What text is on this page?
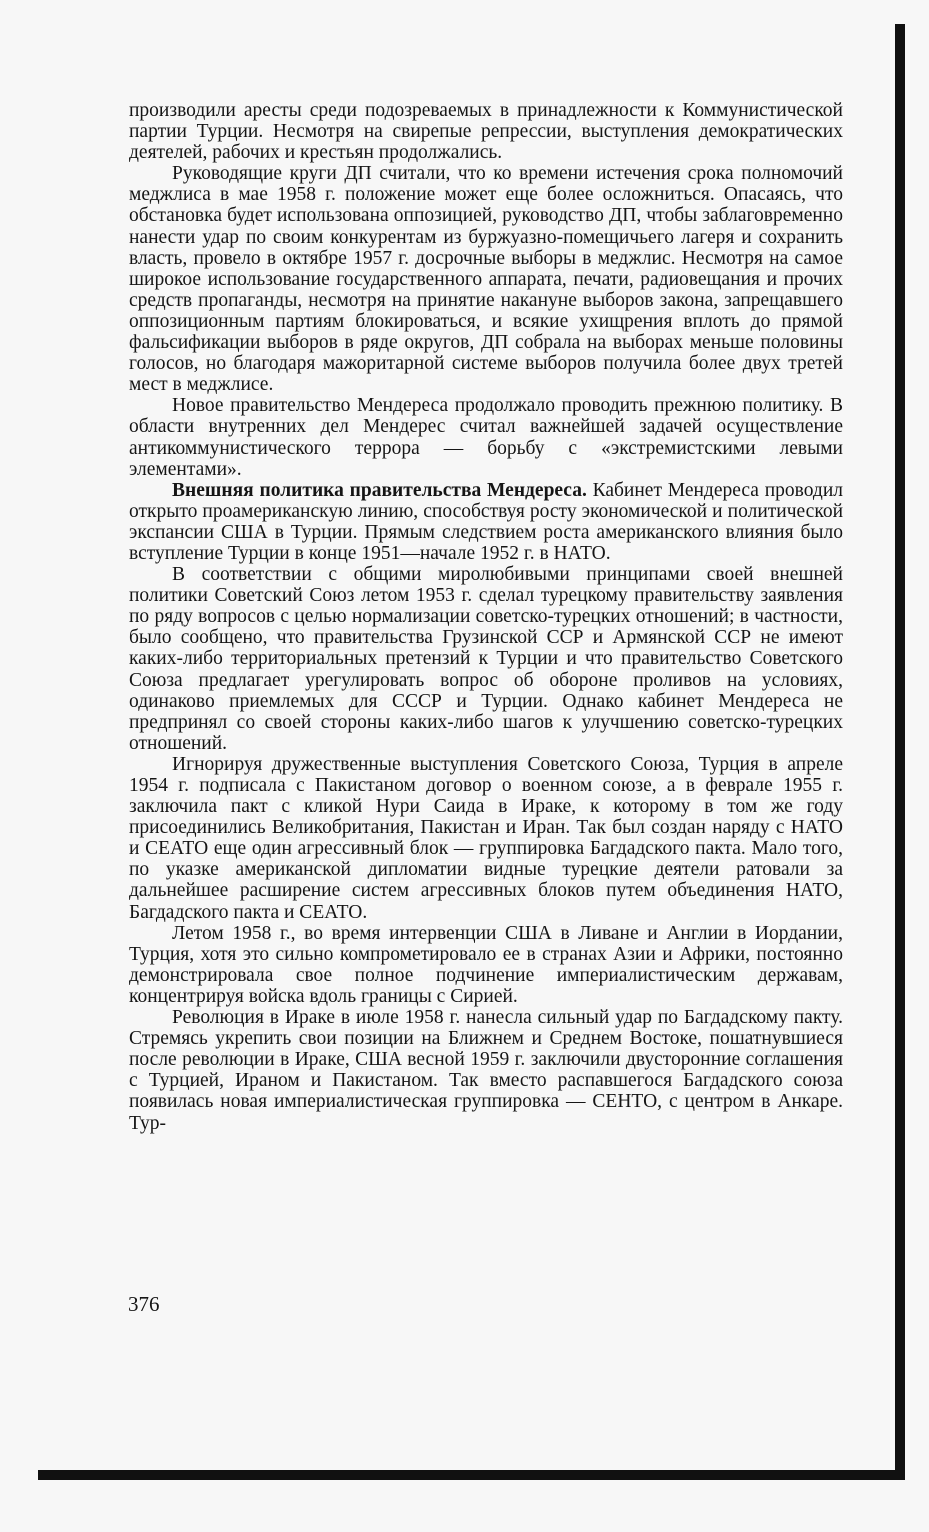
производили аресты среди подозреваемых в принадлежности к Коммунистической партии Турции. Несмотря на свирепые репрессии, выступления демократических деятелей, рабочих и крестьян продолжались.

Руководящие круги ДП считали, что ко времени истечения срока полномочий меджлиса в мае 1958 г. положение может еще более осложниться. Опасаясь, что обстановка будет использована оппозицией, руководство ДП, чтобы заблаговременно нанести удар по своим конкурентам из буржуазно-помещичьего лагеря и сохранить власть, провело в октябре 1957 г. досрочные выборы в меджлис. Несмотря на самое широкое использование государственного аппарата, печати, радиовещания и прочих средств пропаганды, несмотря на принятие накануне выборов закона, запрещавшего оппозиционным партиям блокироваться, и всякие ухищрения вплоть до прямой фальсификации выборов в ряде округов, ДП собрала на выборах меньше половины голосов, но благодаря мажоритарной системе выборов получила более двух третей мест в меджлисе.

Новое правительство Мендереса продолжало проводить прежнюю политику. В области внутренних дел Мендерес считал важнейшей задачей осуществление антикоммунистического террора — борьбу с «экстремистскими левыми элементами».

Внешняя политика правительства Мендереса. Кабинет Мендереса проводил открыто проамериканскую линию, способствуя росту экономической и политической экспансии США в Турции. Прямым следствием роста американского влияния было вступление Турции в конце 1951—начале 1952 г. в НАТО.

В соответствии с общими миролюбивыми принципами своей внешней политики Советский Союз летом 1953 г. сделал турецкому правительству заявления по ряду вопросов с целью нормализации советско-турецких отношений; в частности, было сообщено, что правительства Грузинской ССР и Армянской ССР не имеют каких-либо территориальных претензий к Турции и что правительство Советского Союза предлагает урегулировать вопрос об обороне проливов на условиях, одинаково приемлемых для СССР и Турции. Однако кабинет Мендереса не предпринял со своей стороны каких-либо шагов к улучшению советско-турецких отношений.

Игнорируя дружественные выступления Советского Союза, Турция в апреле 1954 г. подписала с Пакистаном договор о военном союзе, а в феврале 1955 г. заключила пакт с кликой Нури Саида в Ираке, к которому в том же году присоединились Великобритания, Пакистан и Иран. Так был создан наряду с НАТО и СЕАТО еще один агрессивный блок — группировка Багдадского пакта. Мало того, по указке американской дипломатии видные турецкие деятели ратовали за дальнейшее расширение систем агрессивных блоков путем объединения НАТО, Багдадского пакта и СЕАТО.

Летом 1958 г., во время интервенции США в Ливане и Англии в Иордании, Турция, хотя это сильно компрометировало ее в странах Азии и Африки, постоянно демонстрировала свое полное подчинение империалистическим державам, концентрируя войска вдоль границы с Сирией.

Революция в Ираке в июле 1958 г. нанесла сильный удар по Багдадскому пакту. Стремясь укрепить свои позиции на Ближнем и Среднем Востоке, пошатнувшиеся после революции в Ираке, США весной 1959 г. заключили двусторонние соглашения с Турцией, Ираном и Пакистаном. Так вместо распавшегося Багдадского союза появилась новая империалистическая группировка — СЕНТО, с центром в Анкаре. Тур-

376
